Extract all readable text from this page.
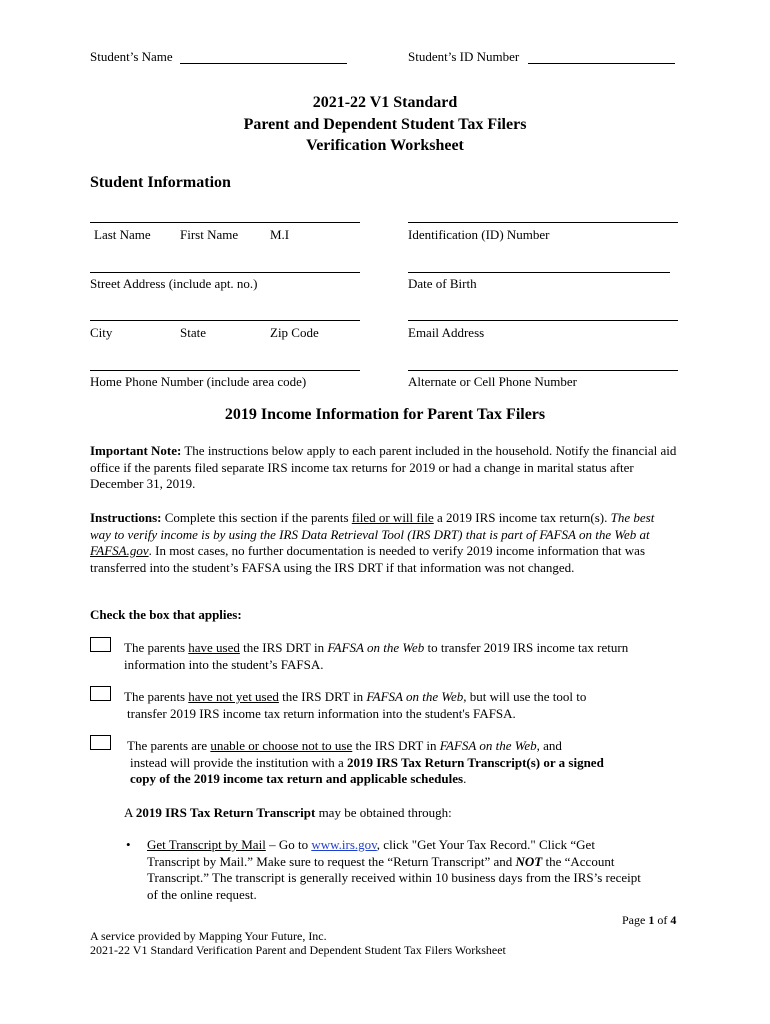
Student’s Name	Student’s ID Number
2021-22 V1 Standard
Parent and Dependent Student Tax Filers
Verification Worksheet
Student Information
Last Name First Name M.I	Identification (ID) Number
Street Address (include apt. no.)	Date of Birth
City	State	Zip Code	Email Address
Home Phone Number (include area code)	Alternate or Cell Phone Number
2019 Income Information for Parent Tax Filers
Important Note: The instructions below apply to each parent included in the household. Notify the financial aid office if the parents filed separate IRS income tax returns for 2019 or had a change in marital status after December 31, 2019.
Instructions: Complete this section if the parents filed or will file a 2019 IRS income tax return(s). The best way to verify income is by using the IRS Data Retrieval Tool (IRS DRT) that is part of FAFSA on the Web at FAFSA.gov. In most cases, no further documentation is needed to verify 2019 income information that was transferred into the student’s FAFSA using the IRS DRT if that information was not changed.
Check the box that applies:
The parents have used the IRS DRT in FAFSA on the Web to transfer 2019 IRS income tax return
information into the student’s FAFSA.
The parents have not yet used the IRS DRT in FAFSA on the Web, but will use the tool to
transfer 2019 IRS income tax return information into the student's FAFSA.
The parents are unable or choose not to use the IRS DRT in FAFSA on the Web, and
instead will provide the institution with a 2019 IRS Tax Return Transcript(s) or a signed
copy of the 2019 income tax return and applicable schedules.
A 2019 IRS Tax Return Transcript may be obtained through:
• Get Transcript by Mail – Go to www.irs.gov, click "Get Your Tax Record." Click “Get
Transcript by Mail.” Make sure to request the “Return Transcript” and NOT the “Account
Transcript.” The transcript is generally received within 10 business days from the IRS’s receipt
of the online request.
Page 1 of 4
A service provided by Mapping Your Future, Inc.
2021-22 V1 Standard Verification Parent and Dependent Student Tax Filers Worksheet
